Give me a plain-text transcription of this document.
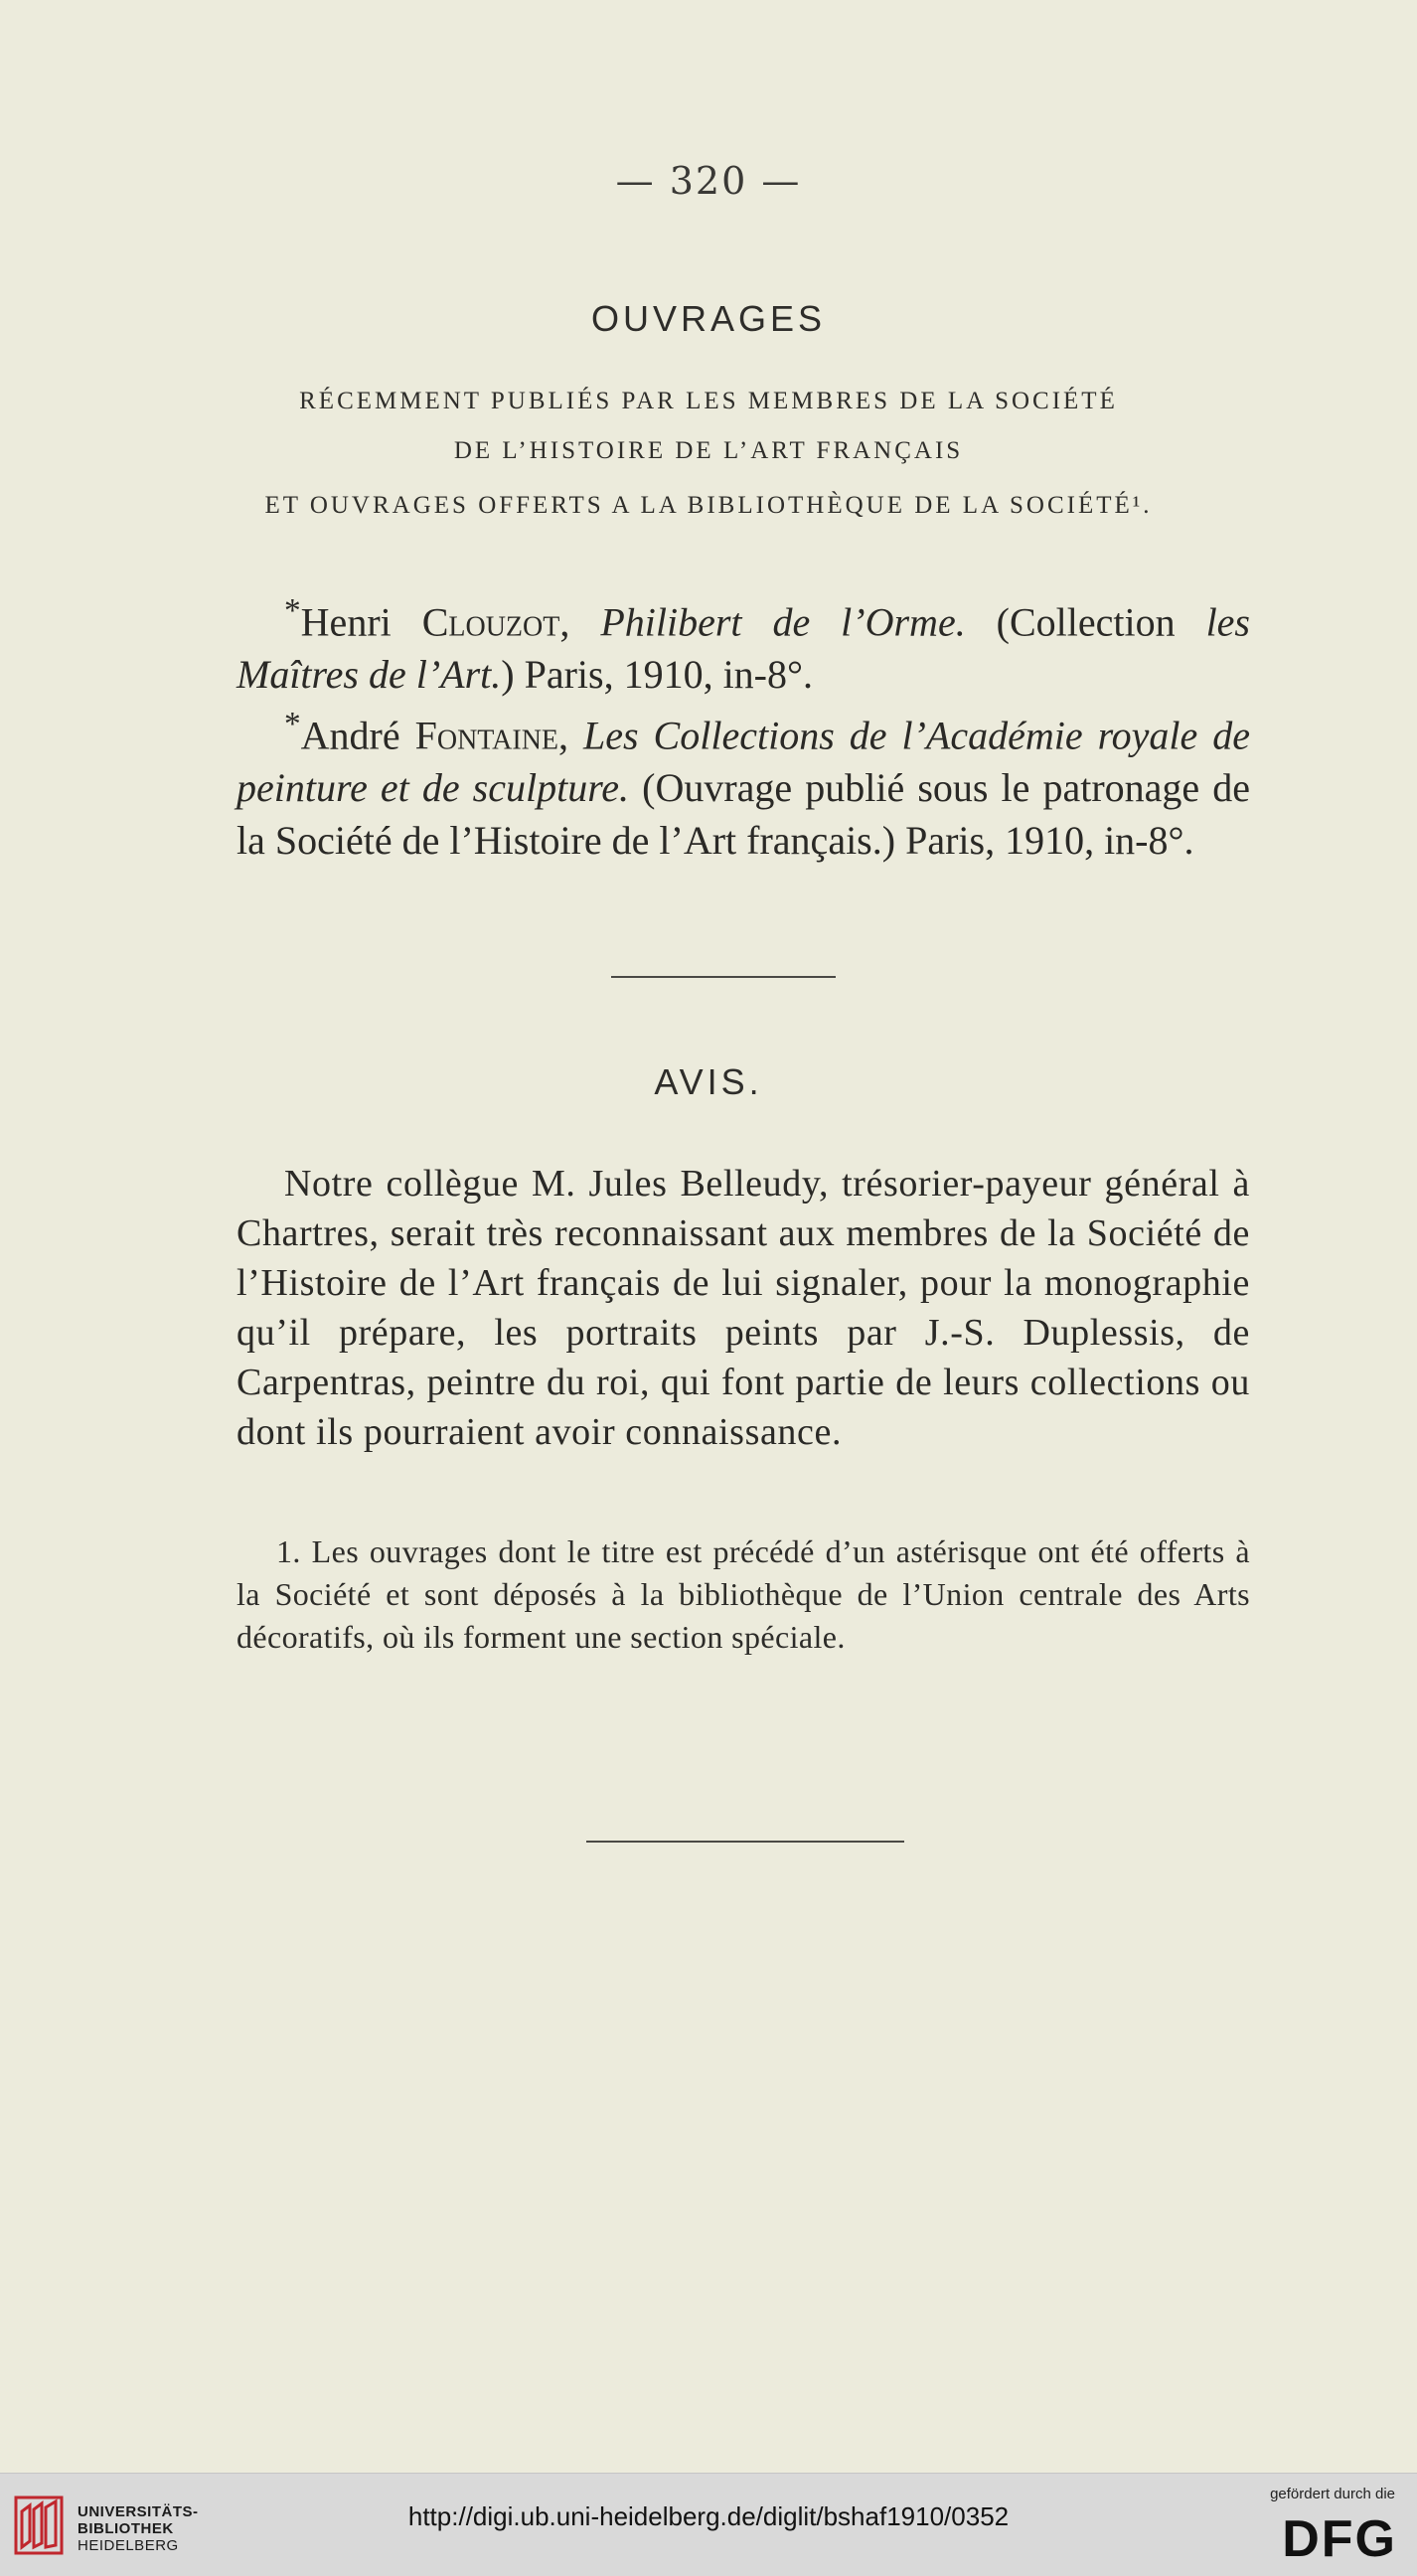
— 320 —
OUVRAGES
RÉCEMMENT PUBLIÉS PAR LES MEMBRES DE LA SOCIÉTÉ
DE L’HISTOIRE DE L’ART FRANÇAIS
ET OUVRAGES OFFERTS A LA BIBLIOTHÈQUE DE LA SOCIÉTÉ¹.
*Henri Clouzot, Philibert de l’Orme. (Collection les Maîtres de l’Art.) Paris, 1910, in-8°.
*André Fontaine, Les Collections de l’Académie royale de peinture et de sculpture. (Ouvrage publié sous le patronage de la Société de l’Histoire de l’Art français.) Paris, 1910, in-8°.
AVIS.
Notre collègue M. Jules Belleudy, trésorier-payeur général à Chartres, serait très reconnaissant aux membres de la Société de l’Histoire de l’Art français de lui signaler, pour la monographie qu’il prépare, les portraits peints par J.-S. Duplessis, de Carpentras, peintre du roi, qui font partie de leurs collections ou dont ils pourraient avoir connaissance.
1. Les ouvrages dont le titre est précédé d’un astérisque ont été offerts à la Société et sont déposés à la bibliothèque de l’Union centrale des Arts décoratifs, où ils forment une section spéciale.
UNIVERSITÄTS-
BIBLIOTHEK
HEIDELBERG
http://digi.ub.uni-heidelberg.de/diglit/bshaf1910/0352
gefördert durch die
DFG
